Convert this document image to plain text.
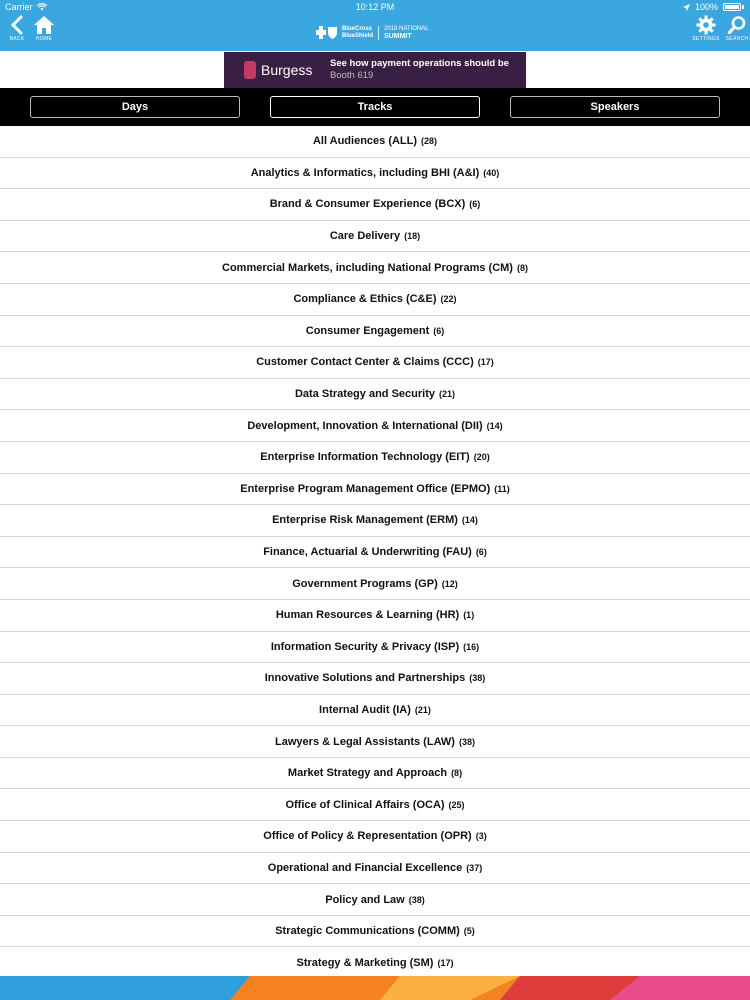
Carrier	10:12 PM	100%
BACK	HOME
BlueCross
BlueShield
2018 NATIONAL
SUMMIT	SETTINGS	SEARCH
Burgess See how payment operations should be
Booth 619
Days	Tracks	Speakers
All Audiences (ALL) (28)
Analytics & Informatics, including BHI (A&I) (40)
Brand & Consumer Experience (BCX) (6)
Care Delivery (18)
Commercial Markets, including National Programs (CM) (8)
Compliance & Ethics (C&E) (22)
Consumer Engagement (6)
Customer Contact Center & Claims (CCC) (17)
Data Strategy and Security (21)
Development, Innovation & International (DII) (14)
Enterprise Information Technology (EIT) (20)
Enterprise Program Management Office (EPMO) (11)
Enterprise Risk Management (ERM) (14)
Finance, Actuarial & Underwriting (FAU) (6)
Government Programs (GP) (12)
Human Resources & Learning (HR) (1)
Information Security & Privacy (ISP) (16)
Innovative Solutions and Partnerships (38)
Internal Audit (IA) (21)
Lawyers & Legal Assistants (LAW) (38)
Market Strategy and Approach (8)
Office of Clinical Affairs (OCA) (25)
Office of Policy & Representation (OPR) (3)
Operational and Financial Excellence (37)
Policy and Law (38)
Strategic Communications (COMM) (5)
Strategy & Marketing (SM) (17)
